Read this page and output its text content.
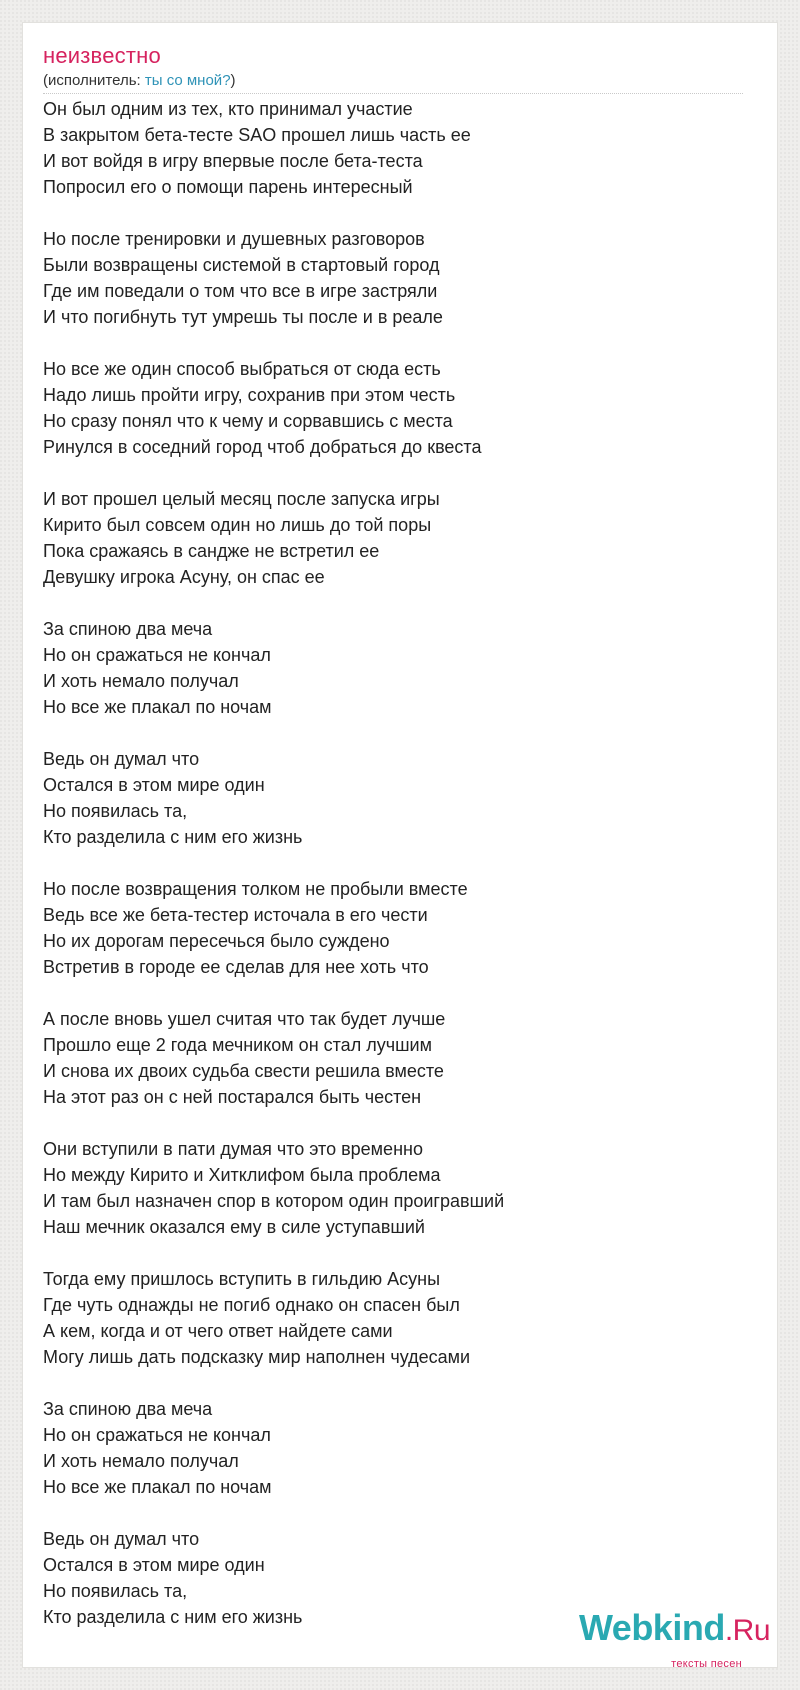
неизвестно
(исполнитель: ты со мной?)
Он был одним из тех, кто принимал участие
В закрытом бета-тесте SAO прошел лишь часть ее
И вот войдя в игру впервые после бета-теста
Попросил его о помощи парень интересный
Но после тренировки и душевных разговоров
Были возвращены системой в стартовый город
Где им поведали о том что все в игре застряли
И что погибнуть тут умрешь ты после и в реале
Но все же один способ выбраться от сюда есть
Надо лишь пройти игру, сохранив при этом честь
Но сразу понял что к чему и сорвавшись с места
Ринулся в соседний город чтоб добраться до квеста
И вот прошел целый месяц после запуска игры
Кирито был совсем один но лишь до той поры
Пока сражаясь в сандже не встретил ее
Девушку игрока Асуну, он спас ее
За спиною два меча
Но он сражаться не кончал
И хоть немало получал
Но все же плакал по ночам
Ведь он думал что
Остался в этом мире один
Но появилась та,
Кто разделила с ним его жизнь
Но после возвращения толком не пробыли вместе
Ведь все же бета-тестер источала в его чести
Но их дорогам пересечься было суждено
Встретив в городе ее сделав для нее хоть что
А после вновь ушел считая что так будет лучше
Прошло еще 2 года мечником он стал лучшим
И снова их двоих судьба свести решила вместе
На этот раз он с ней постарался быть честен
Они вступили в пати думая что это временно
Но между Кирито и Хитклифом была проблема
И там был назначен спор в котором один проигравший
Наш мечник оказался ему в силе уступавший
Тогда ему пришлось вступить в гильдию Асуны
Где чуть однажды не погиб однако он спасен был
А кем, когда и от чего ответ найдете сами
Могу лишь дать подсказку мир наполнен чудесами
За спиною два меча
Но он сражаться не кончал
И хоть немало получал
Но все же плакал по ночам
Ведь он думал что
Остался в этом мире один
Но появилась та,
Кто разделила с ним его жизнь	Webkind.Ru
тексты песен
